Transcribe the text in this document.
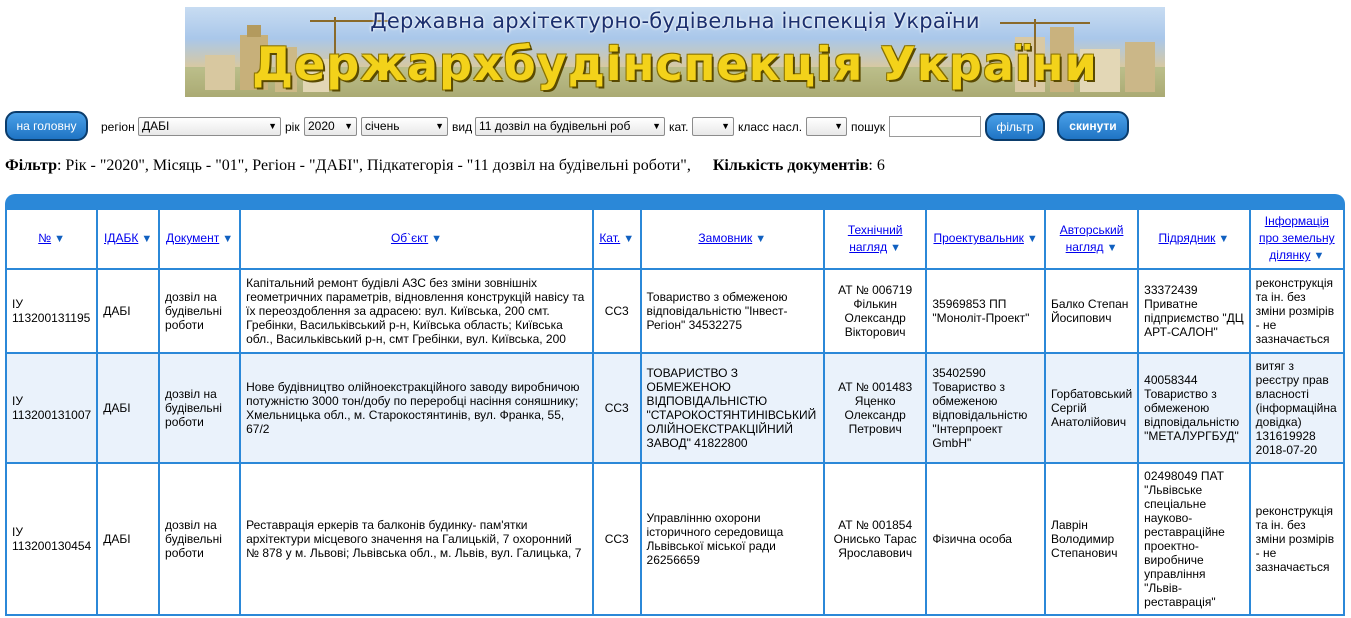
Державна архітектурно-будівельна інспекція України
Держархбудінспекція України
на головну	регіон ДАБІ	▼ рік 2020 ▼	січень	▼ вид 11 дозвіл на будівельні роб ▼ кат.	▼ класс насл.	▼ пошук	фільтр	скинути
Фільтр: Рік - "2020", Місяць - "01", Регіон - "ДАБІ", Підкатегорія - "11 дозвіл на будівельні роботи", Кількість документів: 6
№ ▼	ІДАБК ▼	Документ ▼	Об`єкт ▼	Кат. ▼	Замовник ▼	Технічний нагляд ▼	Проектувальник ▼	Авторський нагляд ▼	Підрядник ▼	Інформація про земельну ділянку ▼
ІУ 113200131195	ДАБІ	дозвіл на будівельні роботи	Капітальний ремонт будівлі АЗС без зміни зовнішніх геометричних параметрів, відновлення конструкцій навісу та їх переоздоблення за адрасею: вул. Київська, 200 смт. Гребінки, Васильківський р-н, Київська область; Київська обл., Васильківський р-н, смт Гребінки, вул. Київська, 200	СС3	Товариство з обмеженою відповідальністю "Інвест-Регіон" 34532275	АТ № 006719 Фількин Олександр Вікторович	35969853 ПП "Моноліт-Проект"	Балко Степан Йосипович	33372439 Приватне підприємство "ДЦ АРТ-САЛОН"	реконструкція та ін. без зміни розмірів - не зазначається
ІУ 113200131007	ДАБІ	дозвіл на будівельні роботи	Нове будівництво олійноекстракційного заводу виробничою потужністю 3000 тон/добу по переробці насіння соняшнику; Хмельницька обл., м. Старокостянтинів, вул. Франка, 55, 67/2	СС3	ТОВАРИСТВО З ОБМЕЖЕНОЮ ВІДПОВІДАЛЬНІСТЮ "СТАРОКОСТЯНТИНІВСЬКИЙ ОЛІЙНОЕКСТРАКЦІЙНИЙ ЗАВОД" 41822800	АТ № 001483 Яценко Олександр Петрович	35402590 Товариство з обмеженою відповідальністю "Інтерпроект GmbH"	Горбатовський Сергій Анатолійович	40058344 Товариство з обмеженою відповідальністю "МЕТАЛУРГБУД"	витяг з реєстру прав власності (інформаційна довідка) 131619928 2018-07-20
ІУ 113200130454	ДАБІ	дозвіл на будівельні роботи	Реставрація еркерів та балконів будинку- пам'ятки архітектури місцевого значення на Галицькій, 7 охоронний № 878 у м. Львові; Львівська обл., м. Львів, вул. Галицька, 7	СС3	Управлінню охорони історичного середовища Львівської міської ради 26256659	АТ № 001854 Ониськo Тарас Ярославович	Фізична особа	Лаврін Володимир Степанович	02498049 ПАТ "Львівське спеціальне науково-реставраційне проектно-виробниче управління "Львів-реставрація"	реконструкція та ін. без зміни розмірів - не зазначається
